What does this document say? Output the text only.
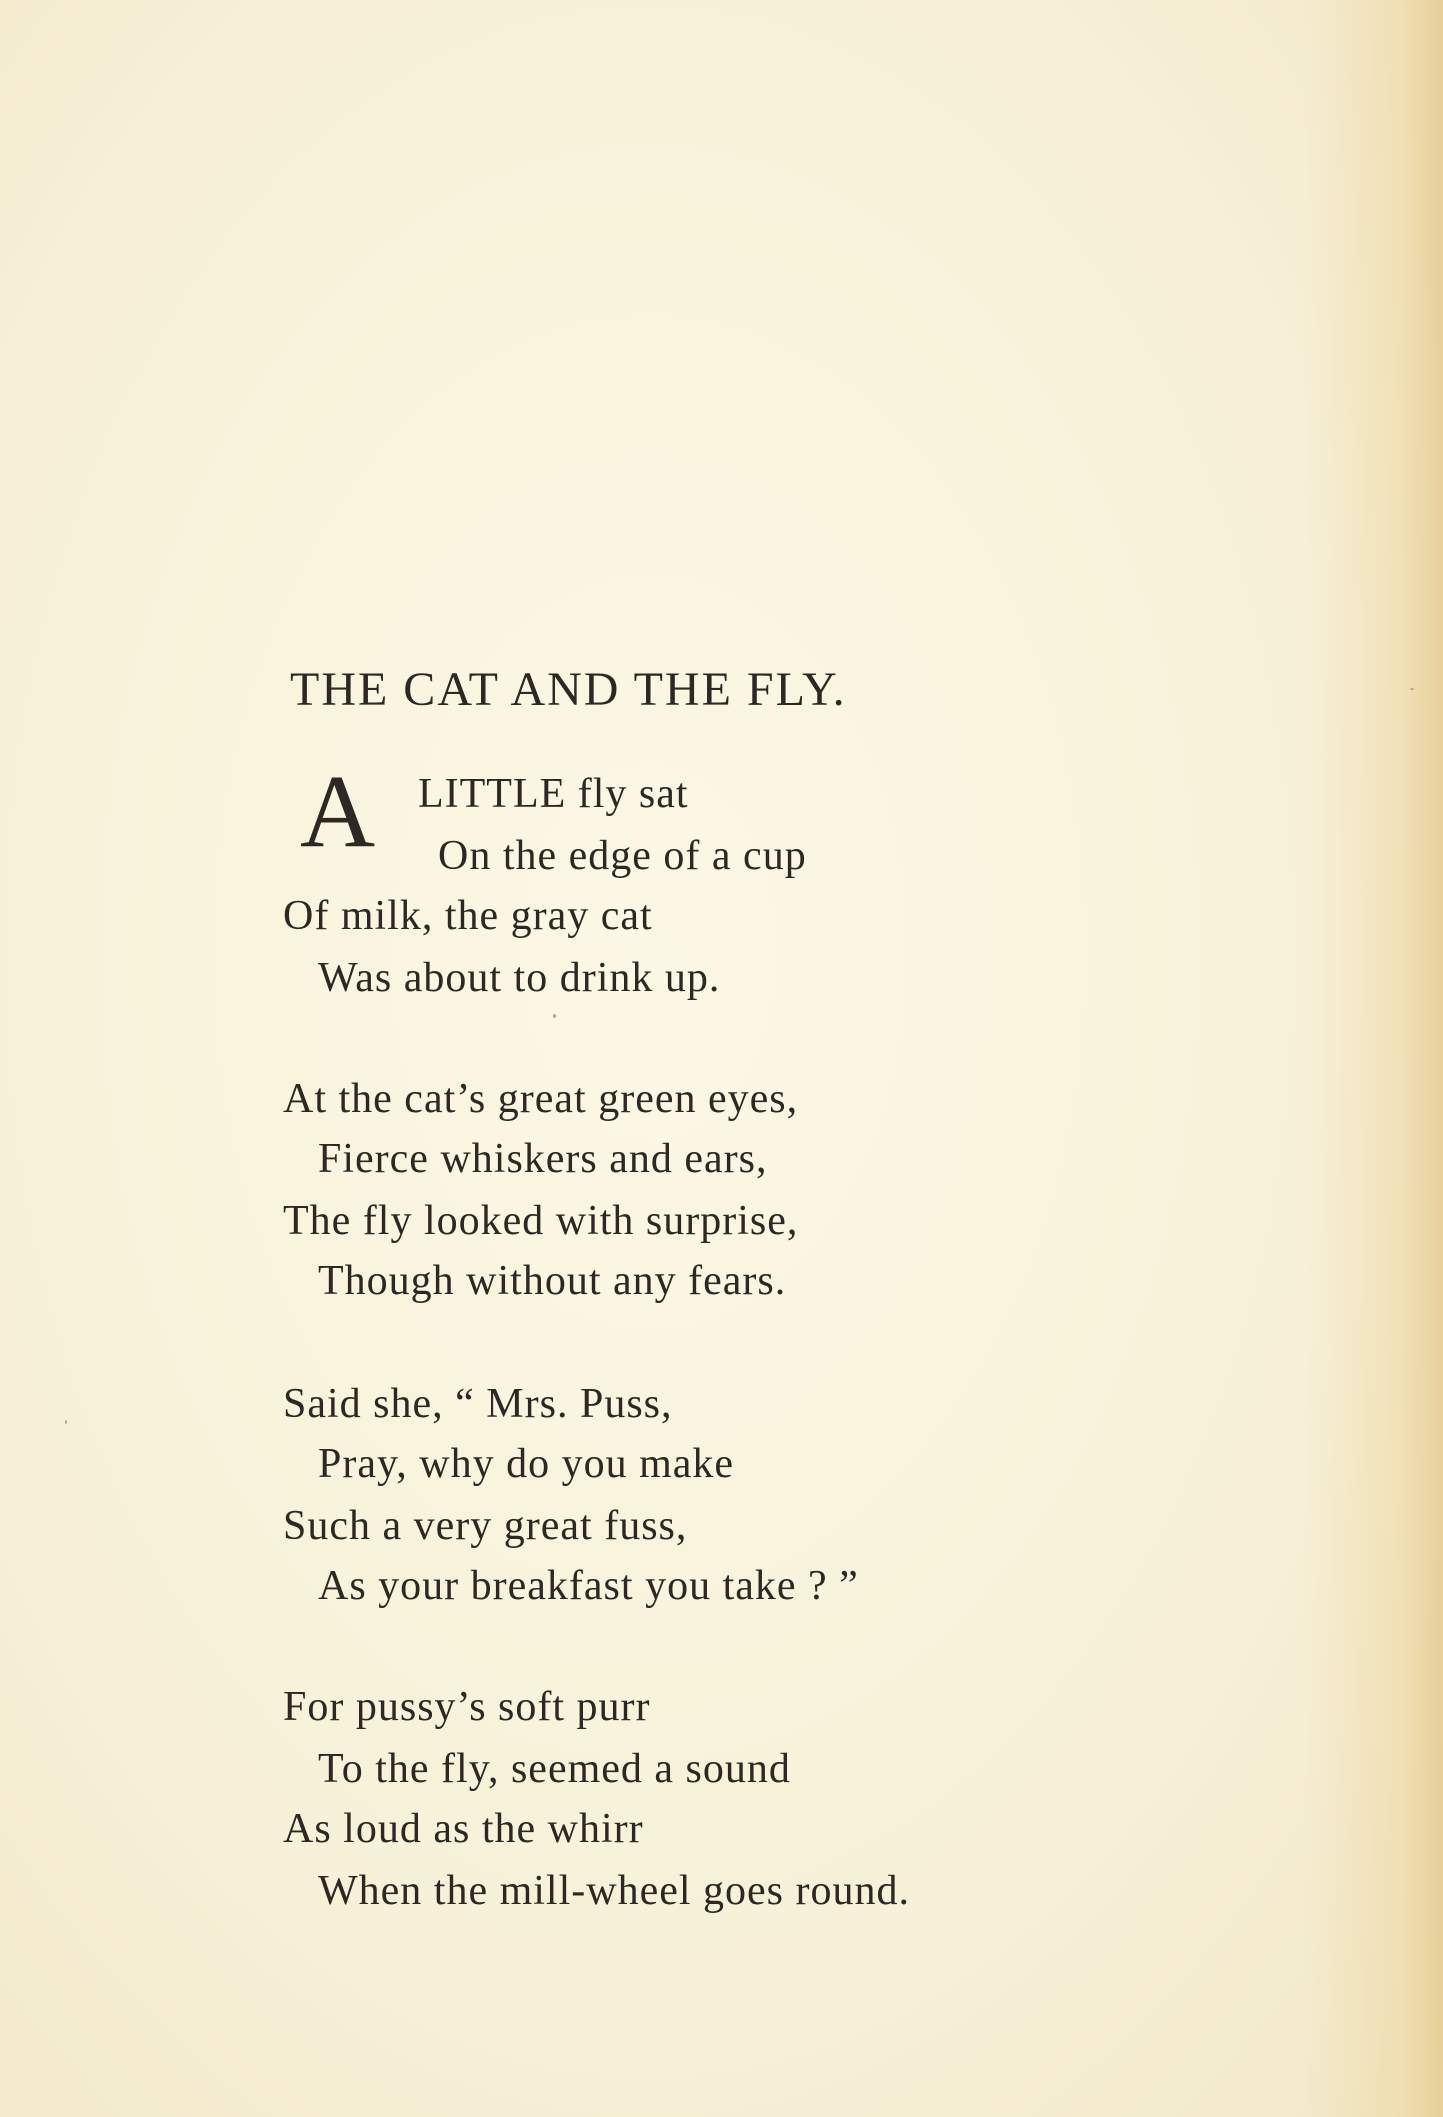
THE CAT AND THE FLY.
A LITTLE fly sat
On the edge of a cup
Of milk, the gray cat
Was about to drink up.
At the cat’s great green eyes,
Fierce whiskers and ears,
The fly looked with surprise,
Though without any fears.
Said she, “ Mrs. Puss,
Pray, why do you make
Such a very great fuss,
As your breakfast you take ? ”
For pussy’s soft purr
To the fly, seemed a sound
As loud as the whirr
When the mill-wheel goes round.
